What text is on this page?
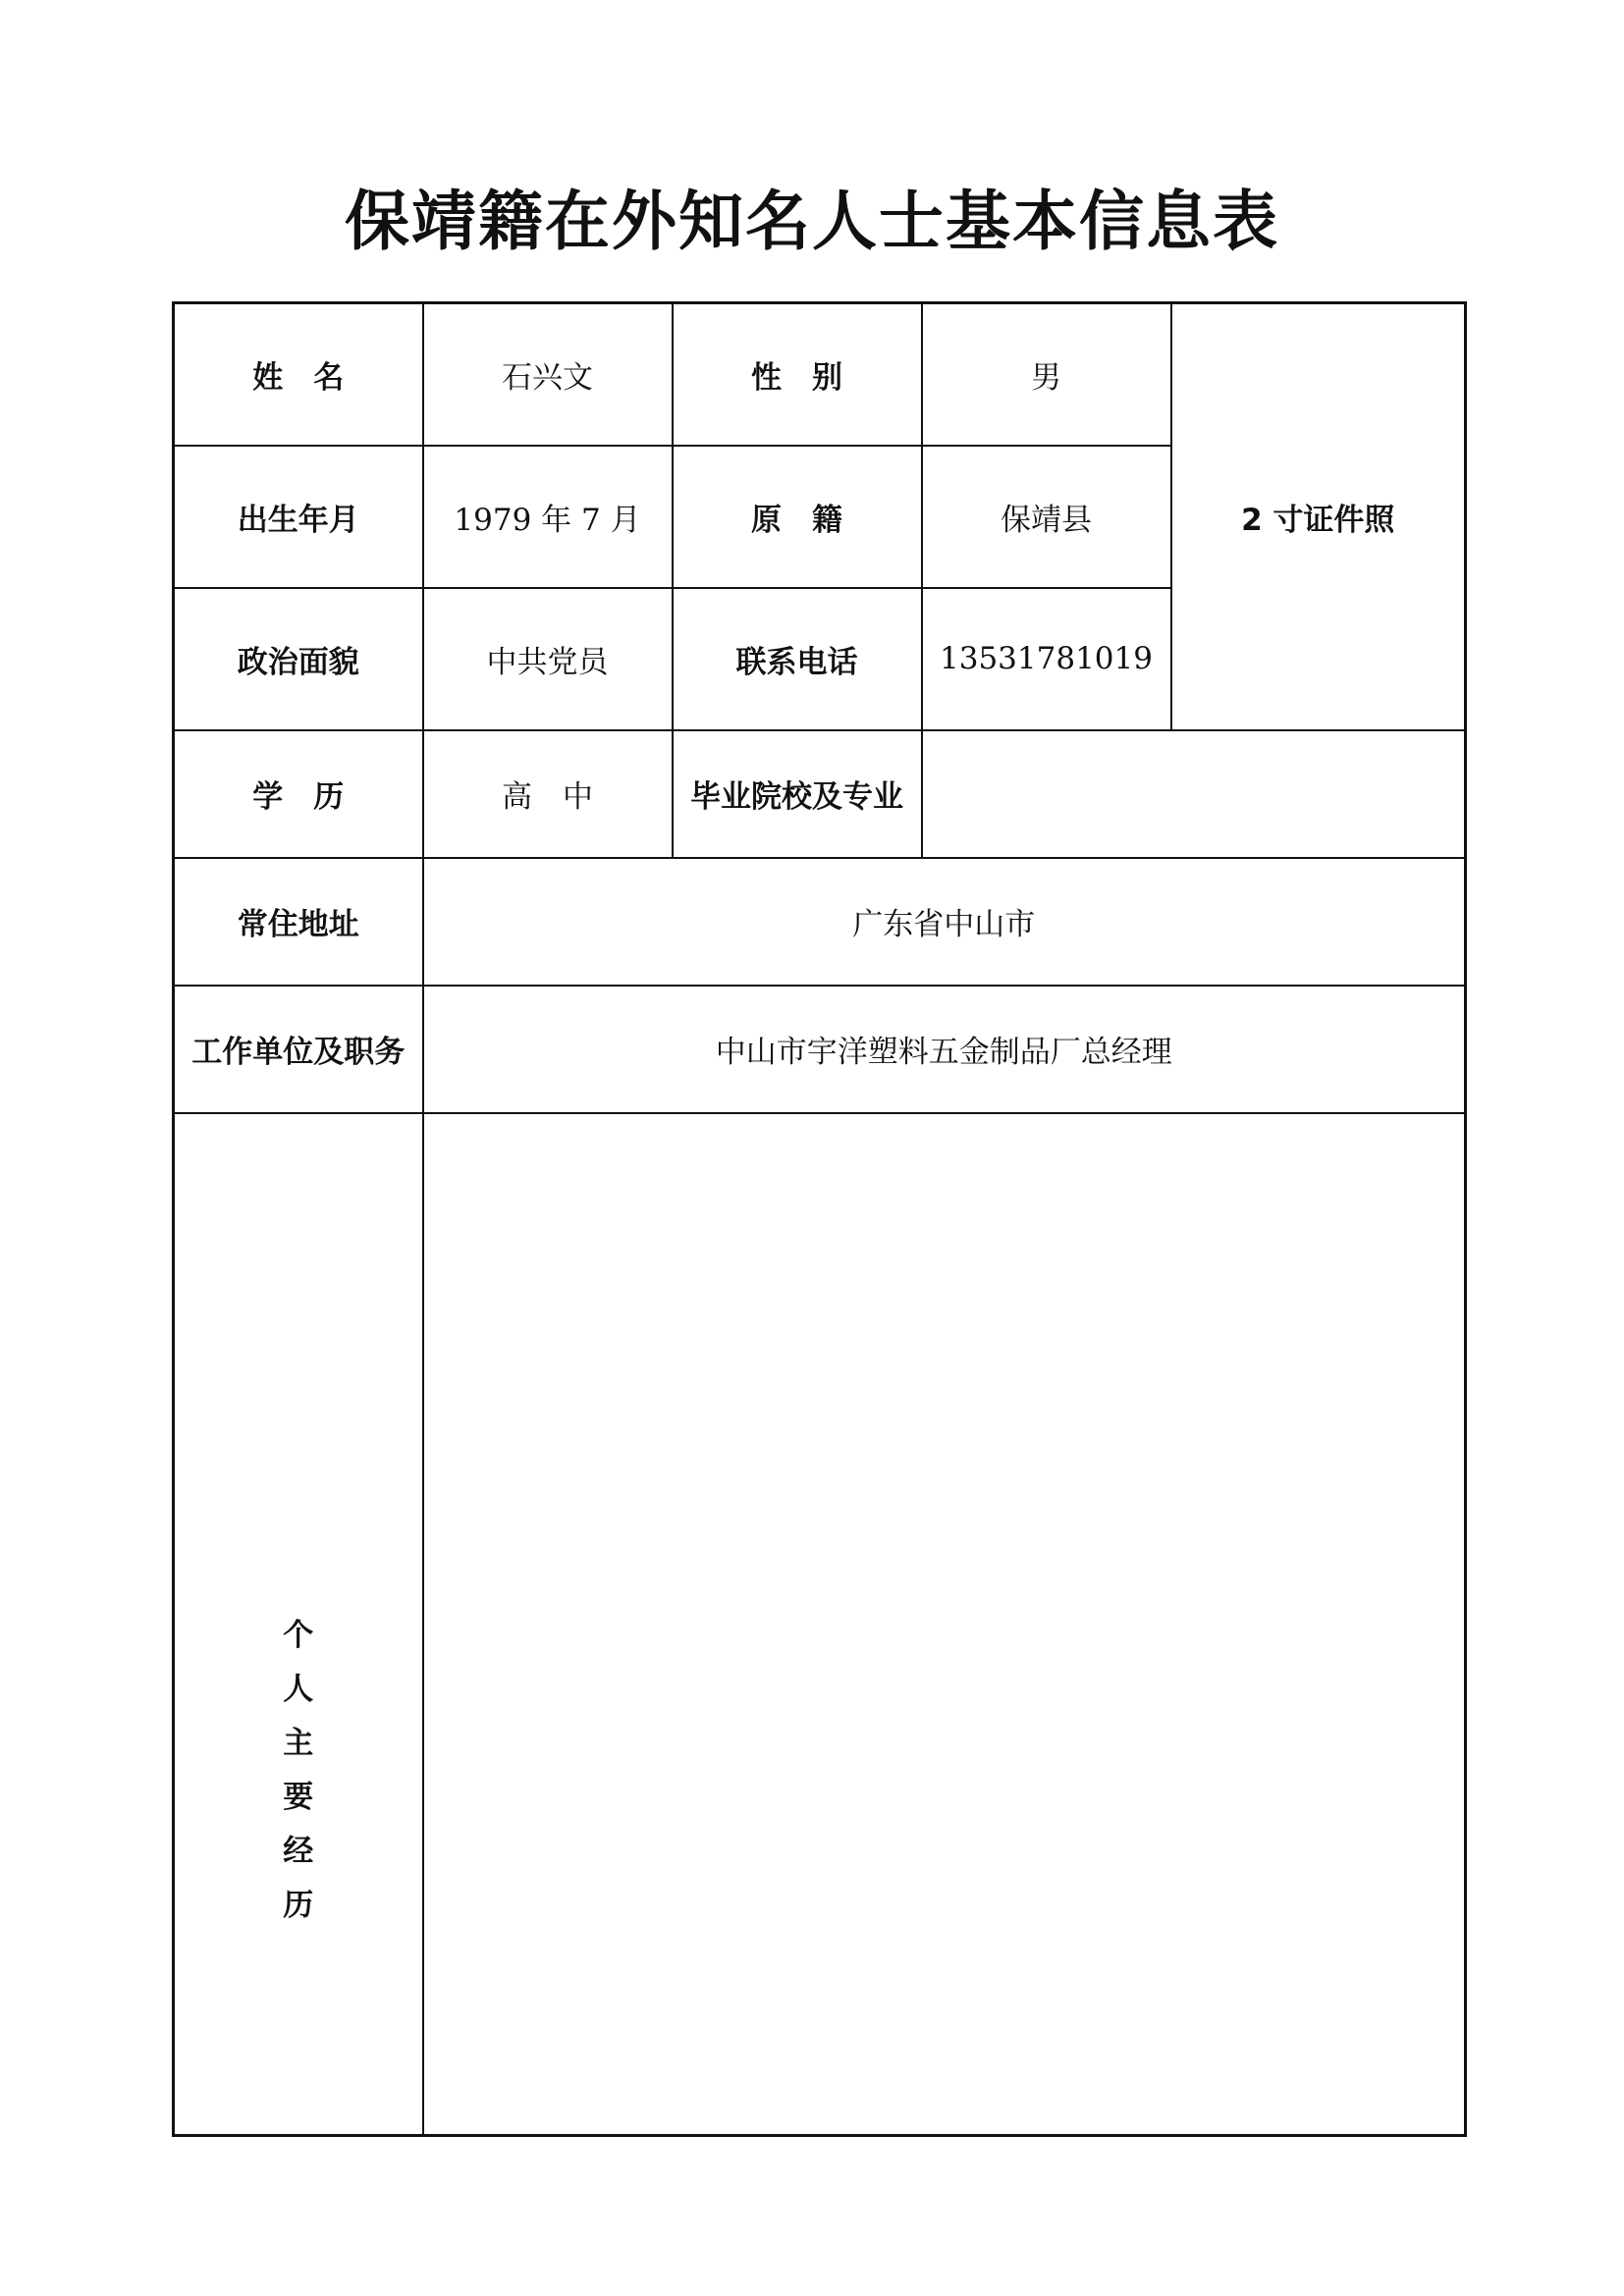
保靖籍在外知名人士基本信息表
姓　名	石兴文	性　别	男	2 寸证件照
出生年月	1979 年 7 月	原　籍	保靖县	
政治面貌	中共党员	联系电话	13531781019	
学　历	高　中	毕业院校及专业		
常住地址	广东省中山市			
工作单位及职务	中山市宇洋塑料五金制品厂总经理			
个人主要经历				
